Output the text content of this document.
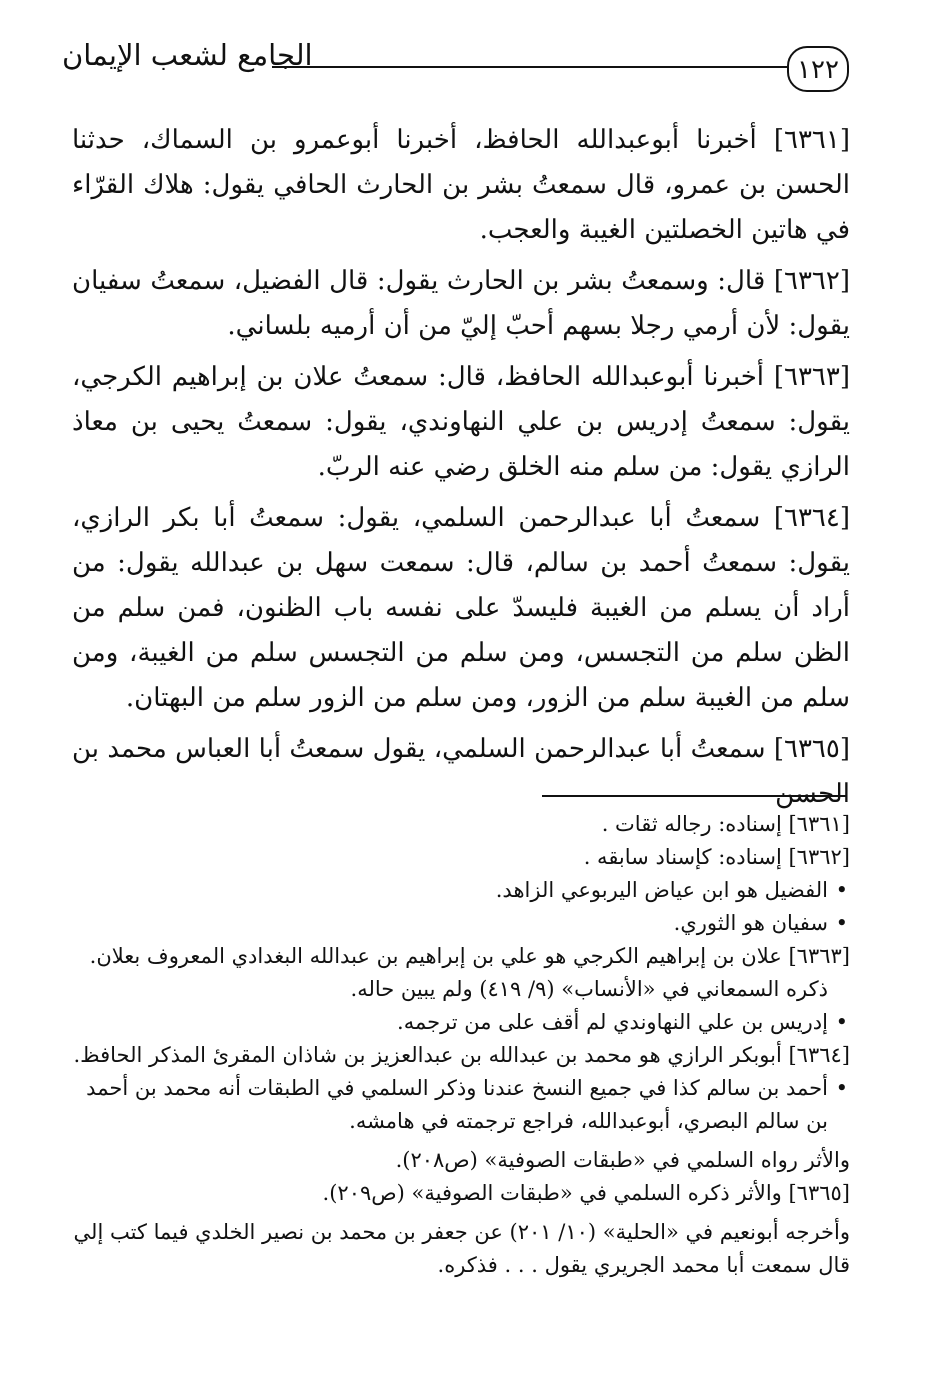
الجامع لشعب الإيمان	١٢٢

[٦٣٦١] أخبرنا أبوعبدالله الحافظ، أخبرنا أبوعمرو بن السماك، حدثنا الحسن بن عمرو، قال سمعتُ بشر بن الحارث الحافي يقول: هلاك القرّاء في هاتين الخصلتين الغيبة والعجب.

[٦٣٦٢] قال: وسمعتُ بشر بن الحارث يقول: قال الفضيل، سمعتُ سفيان يقول: لأن أرمي رجلا بسهم أحبّ إليّ من أن أرميه بلساني.

[٦٣٦٣] أخبرنا أبوعبدالله الحافظ، قال: سمعتُ علان بن إبراهيم الكرجي، يقول: سمعتُ إدريس بن علي النهاوندي، يقول: سمعتُ يحيى بن معاذ الرازي يقول: من سلم منه الخلق رضي عنه الربّ.

[٦٣٦٤] سمعتُ أبا عبدالرحمن السلمي، يقول: سمعتُ أبا بكر الرازي، يقول: سمعتُ أحمد بن سالم، قال: سمعت سهل بن عبدالله يقول: من أراد أن يسلم من الغيبة فليسدّ على نفسه باب الظنون، فمن سلم من الظن سلم من التجسس، ومن سلم من التجسس سلم من الغيبة، ومن سلم من الغيبة سلم من الزور، ومن سلم من الزور سلم من البهتان.

[٦٣٦٥] سمعتُ أبا عبدالرحمن السلمي، يقول سمعتُ أبا العباس محمد بن الحسن

[٦٣٦١] إسناده: رجاله ثقات .

[٦٣٦٢] إسناده: كإسناد سابقه .

• الفضيل هو ابن عياض اليربوعي الزاهد.

• سفيان هو الثوري.

[٦٣٦٣] علان بن إبراهيم الكرجي هو علي بن إبراهيم بن عبدالله البغدادي المعروف بعلان.

ذكره السمعاني في «الأنساب» (٩/ ٤١٩) ولم يبين حاله.

• إدريس بن علي النهاوندي لم أقف على من ترجمه.

[٦٣٦٤] أبوبكر الرازي هو محمد بن عبدالله بن عبدالعزيز بن شاذان المقرئ المذكر الحافظ.

• أحمد بن سالم كذا في جميع النسخ عندنا وذكر السلمي في الطبقات أنه محمد بن أحمد بن سالم البصري، أبوعبدالله، فراجع ترجمته في هامشه.

والأثر رواه السلمي في «طبقات الصوفية» (ص٢٠٨).

[٦٣٦٥] والأثر ذكره السلمي في «طبقات الصوفية» (ص٢٠٩).

وأخرجه أبونعيم في «الحلية» (١٠/ ٢٠١) عن جعفر بن محمد بن نصير الخلدي فيما كتب إلي قال سمعت أبا محمد الجريري يقول . . . فذكره.
